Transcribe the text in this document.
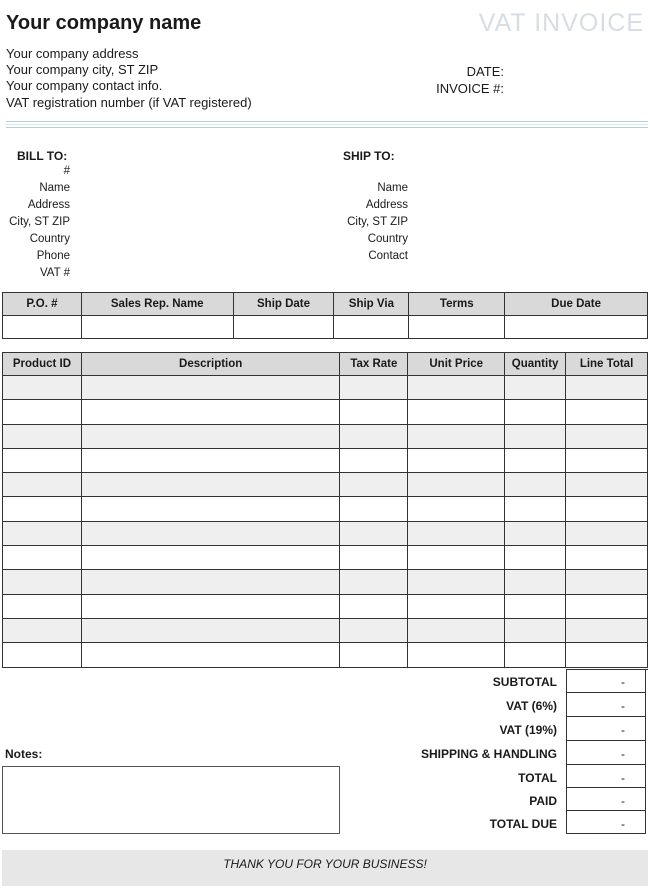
Your company name	VAT INVOICE
Your company address
Your company city, ST ZIP
Your company contact info.
VAT registration number (if VAT registered)
DATE:
INVOICE #:
BILL TO:
#
Name
Address
City, ST ZIP
Country
Phone
VAT #
SHIP TO:
Name
Address
City, ST ZIP
Country
Contact
P.O. #	Sales Rep. Name	Ship Date	Ship Via	Terms	Due Date

Product ID	Description	Tax Rate	Unit Price	Quantity	Line Total

SUBTOTAL	-
VAT (6%)	-
VAT (19%)	-
SHIPPING & HANDLING	-
TOTAL	-
PAID	-
TOTAL DUE	-
Notes:
THANK YOU FOR YOUR BUSINESS!
